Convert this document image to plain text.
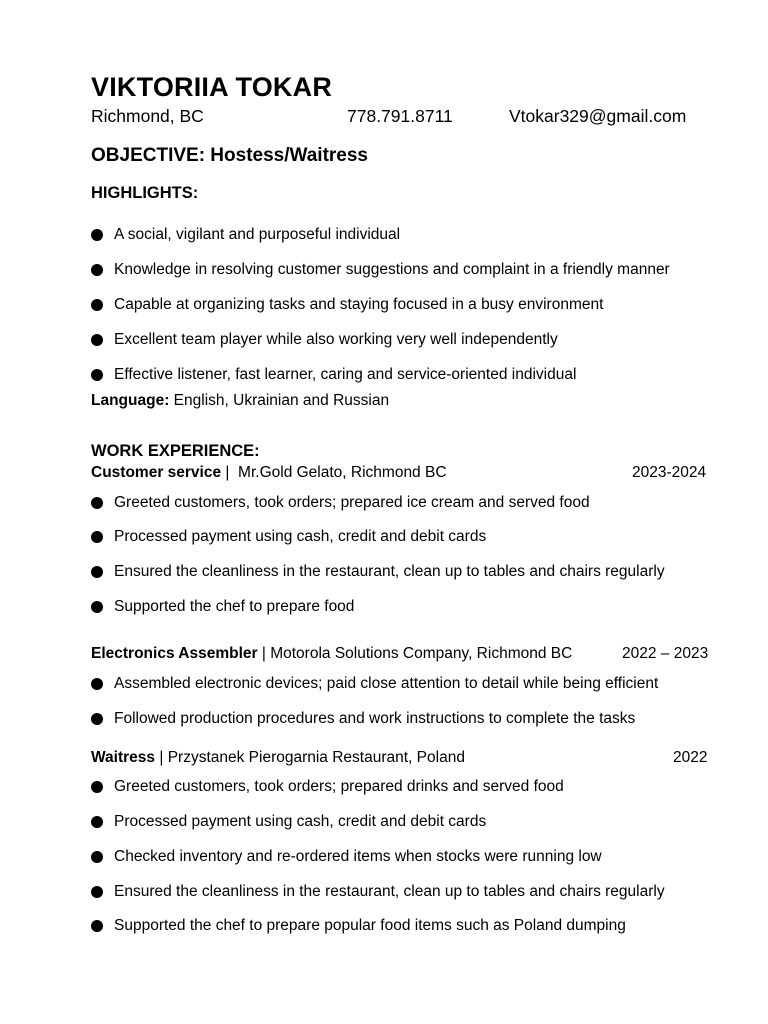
VIKTORIIA TOKAR
Richmond, BC	778.791.8711	Vtokar329@gmail.com
OBJECTIVE: Hostess/Waitress
HIGHLIGHTS:
A social, vigilant and purposeful individual
Knowledge in resolving customer suggestions and complaint in a friendly manner
Capable at organizing tasks and staying focused in a busy environment
Excellent team player while also working very well independently
Effective listener, fast learner, caring and service-oriented individual
Language: English, Ukrainian and Russian
WORK EXPERIENCE:
Customer service |  Mr.Gold Gelato, Richmond BC	2023-2024
Greeted customers, took orders; prepared ice cream and served food
Processed payment using cash, credit and debit cards
Ensured the cleanliness in the restaurant, clean up to tables and chairs regularly
Supported the chef to prepare food
Electronics Assembler | Motorola Solutions Company, Richmond BC	2022 – 2023
Assembled electronic devices; paid close attention to detail while being efficient
Followed production procedures and work instructions to complete the tasks
Waitress | Przystanek Pierogarnia Restaurant, Poland	2022
Greeted customers, took orders; prepared drinks and served food
Processed payment using cash, credit and debit cards
Checked inventory and re-ordered items when stocks were running low
Ensured the cleanliness in the restaurant, clean up to tables and chairs regularly
Supported the chef to prepare popular food items such as Poland dumping
